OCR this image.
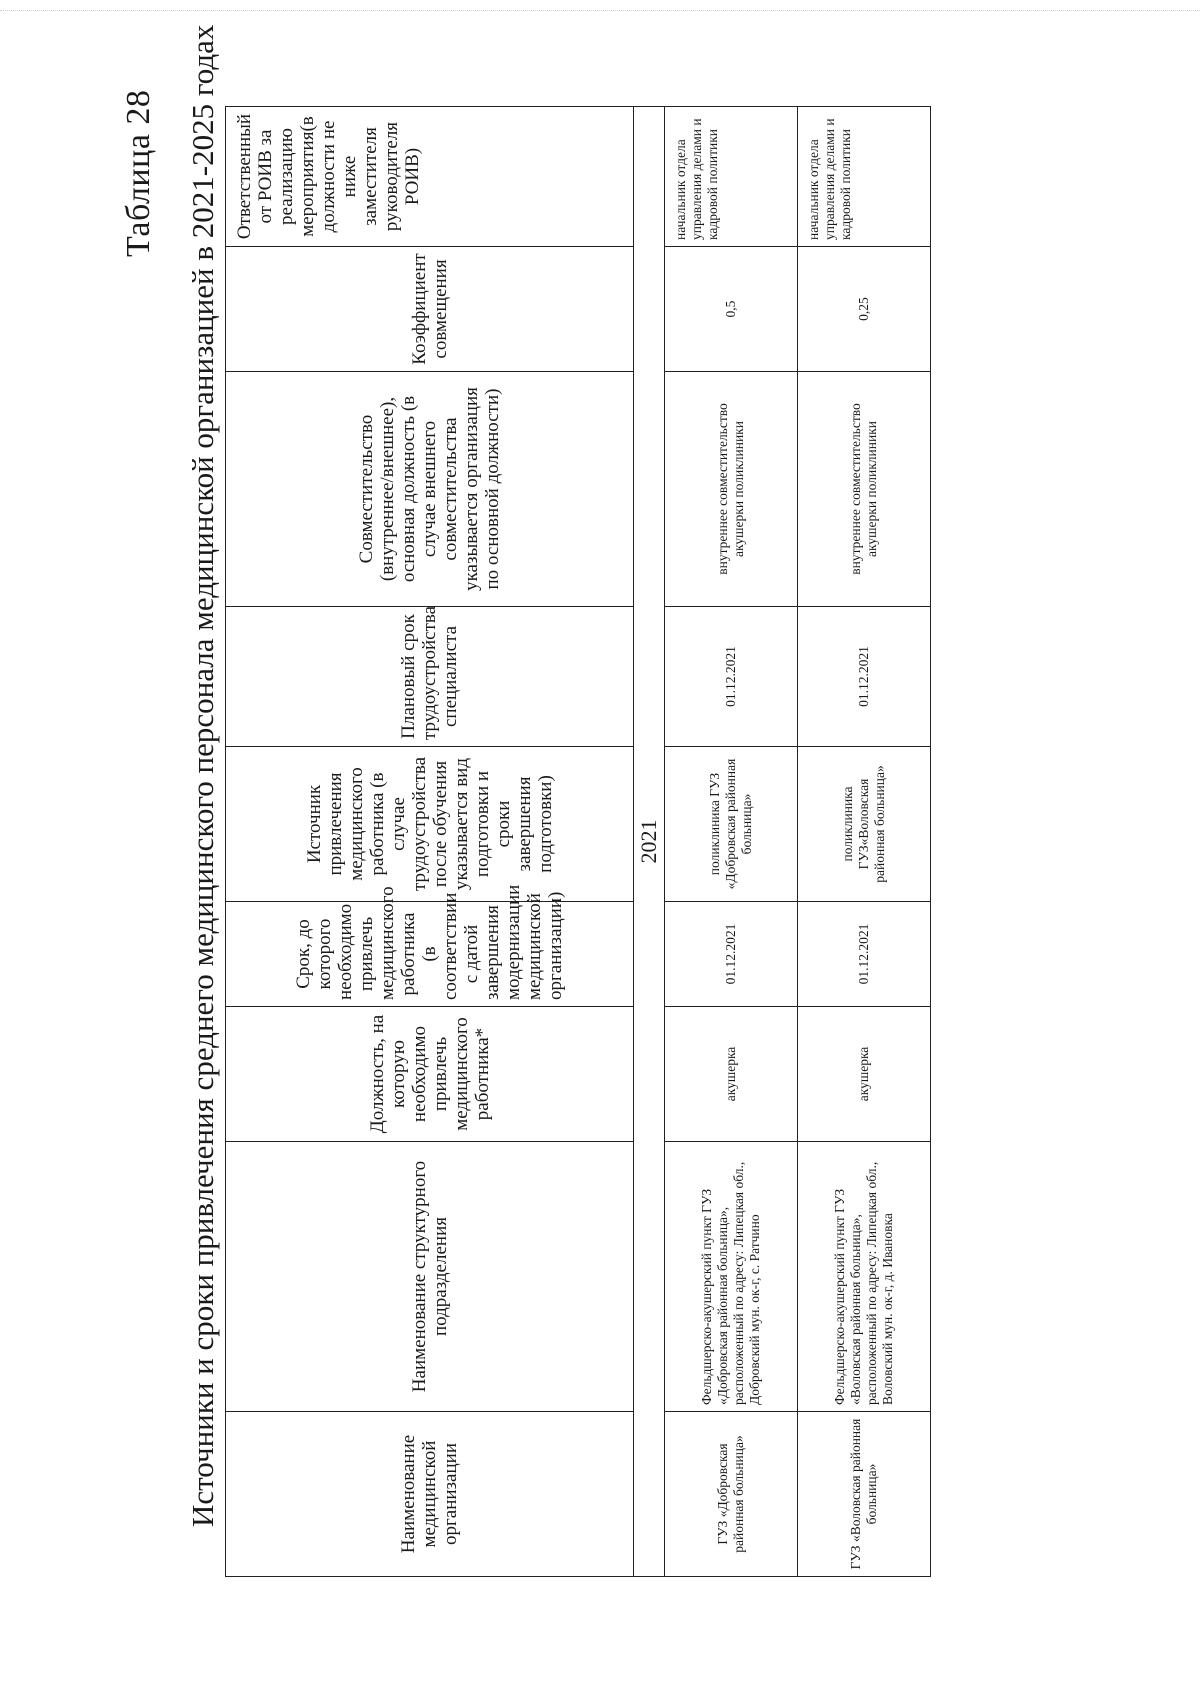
Таблица 28 Источники и сроки привлечения среднего медицинского персонала медицинской организацией в 2021-2025 годах	Наименование медицинской организации	Наименование структурного подразделения	Должность, на которую необходимо привлечь медицинского работника*	Срок, до которого необходимо привлечь медицинского работника (в соответствии с датой завершения модернизации медицинской организации)	Источник привлечения медицинского работника (в случае трудоустройства после обучения указывается вид подготовки и сроки завершения подготовки)	Плановый срок трудоустройства специалиста	Совместительство (внутреннее/внешнее), основная должность (в случае внешнего совместительства указывается организация по основной должности)	Коэффициент совмещения	Ответственный от РОИВ за реализацию мероприятия(в должности не ниже заместителя руководителя РОИВ)
2021								
ГУЗ «Добровская районная больница»	Фельдшерско-акушерский пункт ГУЗ «Добровская районная больница», расположенный по адресу: Липецкая обл., Добровский мун. ок-г, с. Ратчино	акушерка	01.12.2021	поликлиника ГУЗ «Добровская районная больница»	01.12.2021	внутреннее совместительство акушерки поликлиники	0,5	начальник отдела управления делами и кадровой политики
ГУЗ «Воловская районная больница»	Фельдшерско-акушерский пункт ГУЗ «Воловская районная больница», расположенный по адресу: Липецкая обл., Воловский мун. ок-г, д. Ивановка	акушерка	01.12.2021	поликлиника ГУЗ«Воловская районная больница»	01.12.2021	внутреннее совместительство акушерки поликлиники	0,25	начальник отдела управления делами и кадровой политики
